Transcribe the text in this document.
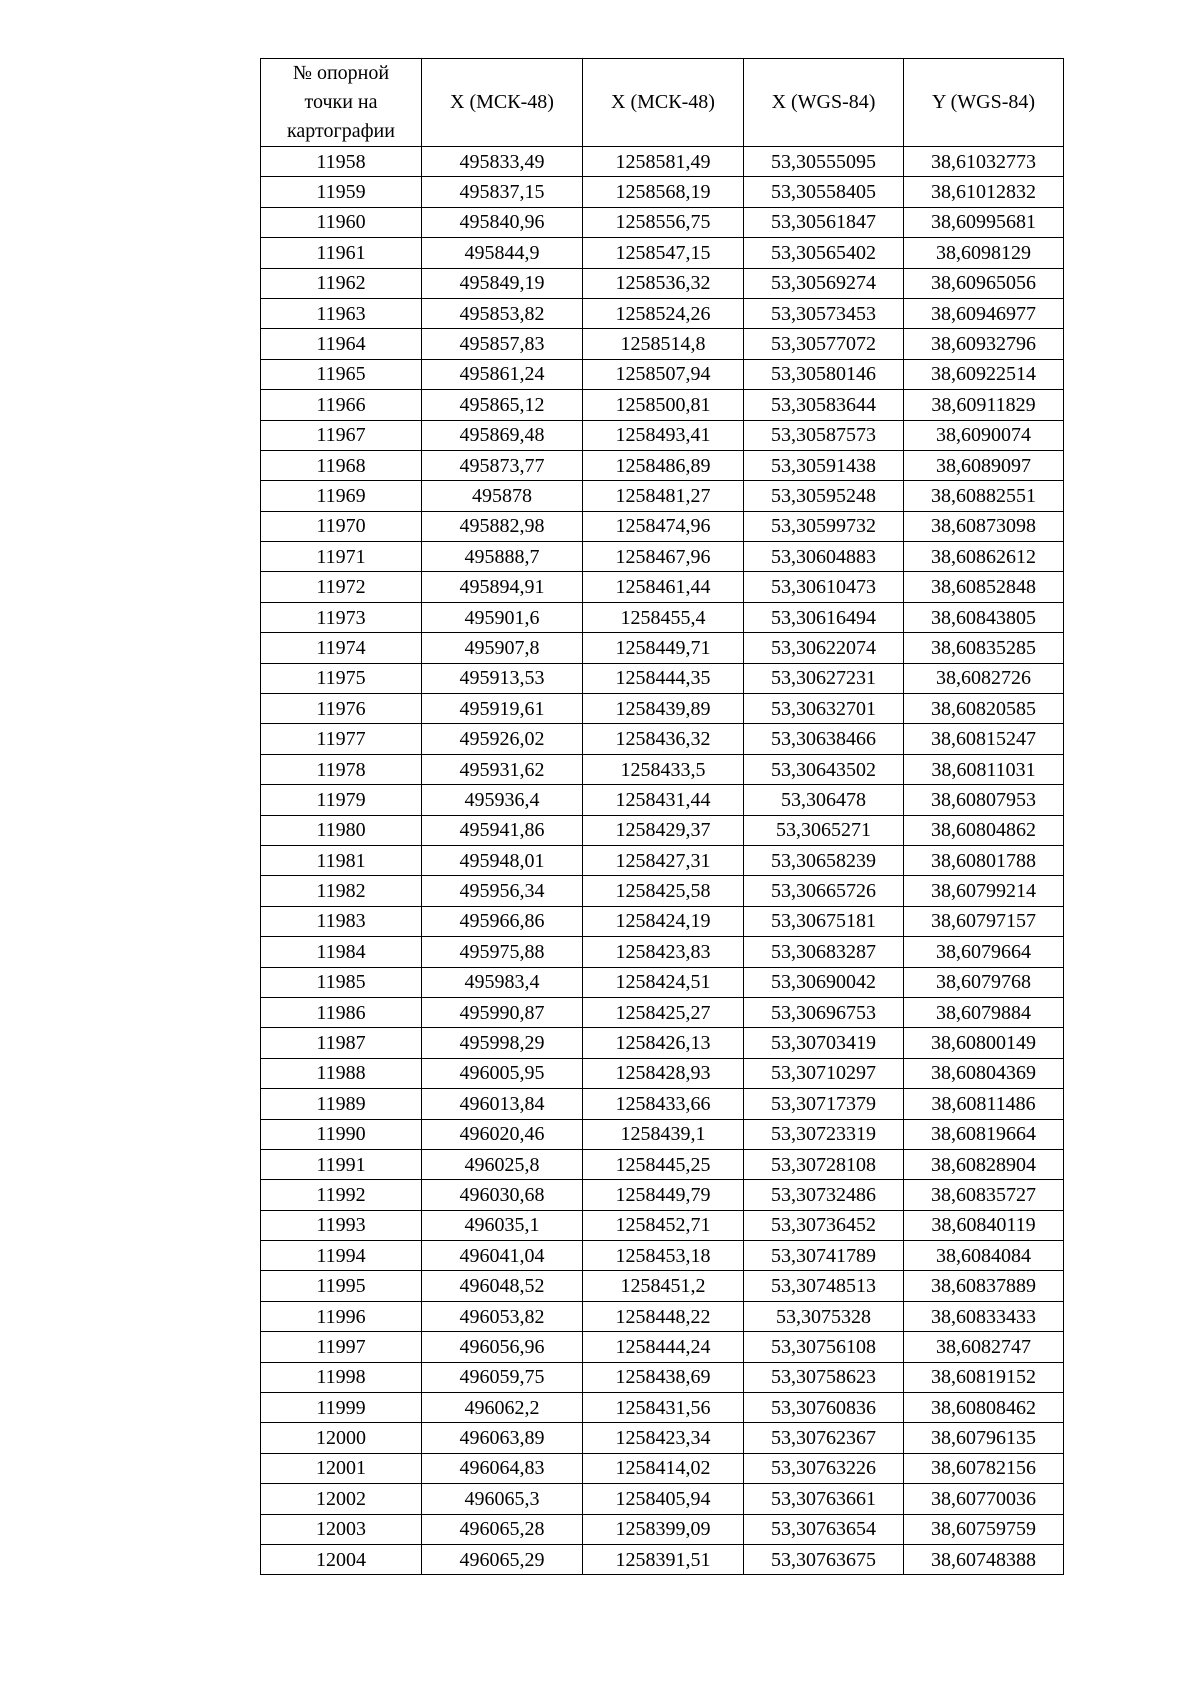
№ опорной
точки на
картографии	X (МСК-48)	X (МСК-48)	X (WGS-84)	Y (WGS-84)

11958	495833,49	1258581,49	53,30555095	38,61032773
11959	495837,15	1258568,19	53,30558405	38,61012832
11960	495840,96	1258556,75	53,30561847	38,60995681
11961	495844,9	1258547,15	53,30565402	38,6098129
11962	495849,19	1258536,32	53,30569274	38,60965056
11963	495853,82	1258524,26	53,30573453	38,60946977
11964	495857,83	1258514,8	53,30577072	38,60932796
11965	495861,24	1258507,94	53,30580146	38,60922514
11966	495865,12	1258500,81	53,30583644	38,60911829
11967	495869,48	1258493,41	53,30587573	38,6090074
11968	495873,77	1258486,89	53,30591438	38,6089097
11969	495878	1258481,27	53,30595248	38,60882551
11970	495882,98	1258474,96	53,30599732	38,60873098
11971	495888,7	1258467,96	53,30604883	38,60862612
11972	495894,91	1258461,44	53,30610473	38,60852848
11973	495901,6	1258455,4	53,30616494	38,60843805
11974	495907,8	1258449,71	53,30622074	38,60835285
11975	495913,53	1258444,35	53,30627231	38,6082726
11976	495919,61	1258439,89	53,30632701	38,60820585
11977	495926,02	1258436,32	53,30638466	38,60815247
11978	495931,62	1258433,5	53,30643502	38,60811031
11979	495936,4	1258431,44	53,306478	38,60807953
11980	495941,86	1258429,37	53,3065271	38,60804862
11981	495948,01	1258427,31	53,30658239	38,60801788
11982	495956,34	1258425,58	53,30665726	38,60799214
11983	495966,86	1258424,19	53,30675181	38,60797157
11984	495975,88	1258423,83	53,30683287	38,6079664
11985	495983,4	1258424,51	53,30690042	38,6079768
11986	495990,87	1258425,27	53,30696753	38,6079884
11987	495998,29	1258426,13	53,30703419	38,60800149
11988	496005,95	1258428,93	53,30710297	38,60804369
11989	496013,84	1258433,66	53,30717379	38,60811486
11990	496020,46	1258439,1	53,30723319	38,60819664
11991	496025,8	1258445,25	53,30728108	38,60828904
11992	496030,68	1258449,79	53,30732486	38,60835727
11993	496035,1	1258452,71	53,30736452	38,60840119
11994	496041,04	1258453,18	53,30741789	38,6084084
11995	496048,52	1258451,2	53,30748513	38,60837889
11996	496053,82	1258448,22	53,3075328	38,60833433
11997	496056,96	1258444,24	53,30756108	38,6082747
11998	496059,75	1258438,69	53,30758623	38,60819152
11999	496062,2	1258431,56	53,30760836	38,60808462
12000	496063,89	1258423,34	53,30762367	38,60796135
12001	496064,83	1258414,02	53,30763226	38,60782156
12002	496065,3	1258405,94	53,30763661	38,60770036
12003	496065,28	1258399,09	53,30763654	38,60759759
12004	496065,29	1258391,51	53,30763675	38,60748388
